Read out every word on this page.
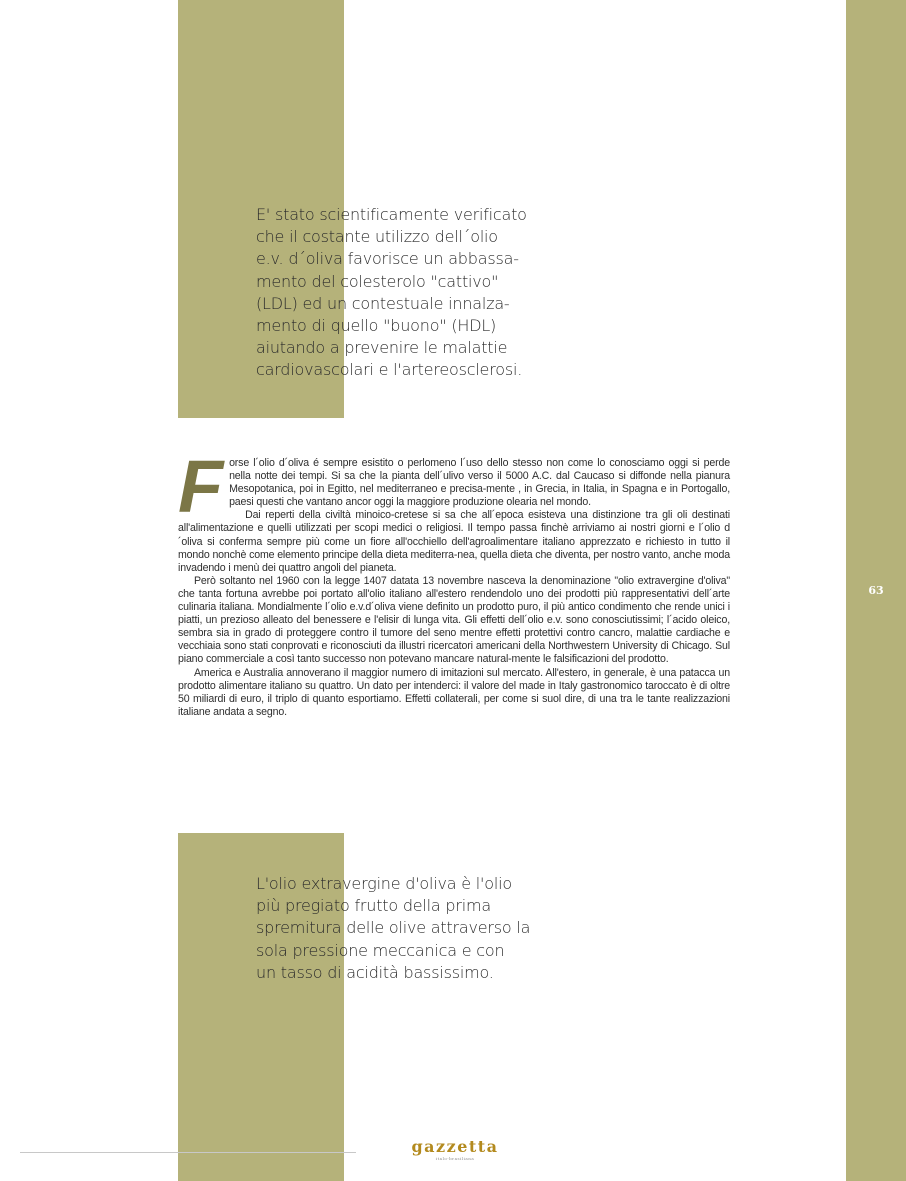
E' stato scientificamente verificato
che il costante utilizzo dell´olio
e.v. d´oliva favorisce un abbassa-
mento del colesterolo "cattivo"
(LDL) ed un contestuale innalza-
mento di quello "buono" (HDL)
aiutando a prevenire le malattie
cardiovascolari e l'artereosclerosi.

Forse l´olio d´oliva é sempre esistito o perlomeno l´uso dello stesso non come lo conosciamo oggi si perde nella notte dei tempi. Si sa che la pianta dell´ulivo verso il 5000 A.C. dal Caucaso si diffonde nella pianura Mesopotanica, poi in Egitto, nel mediterraneo e precisa-mente , in Grecia, in Italia, in Spagna e in Portogallo, paesi questi che vantano ancor oggi la maggiore produzione olearia nel mondo.

Dai reperti della civiltà minoico-cretese si sa che all´epoca esisteva una distinzione tra gli oli destinati all'alimentazione e quelli utilizzati per scopi medici o religiosi. Il tempo passa finchè arriviamo ai nostri giorni e l´olio d´oliva si conferma sempre più come un fiore all'occhiello dell'agroalimentare italiano apprezzato e richiesto in tutto il mondo nonchè come elemento principe della dieta mediterra-nea, quella dieta che diventa, per nostro vanto, anche moda invadendo i menù dei quattro angoli del pianeta.

Però soltanto nel 1960 con la legge 1407 datata 13 novembre nasceva la denominazione "olio extravergine d'oliva" che tanta fortuna avrebbe poi portato all'olio italiano all'estero rendendolo uno dei prodotti più rappresentativi dell´arte culinaria italiana. Mondialmente l´olio e.v.d´oliva viene definito un prodotto puro, il più antico condimento che rende unici i piatti, un prezioso alleato del benessere e l'elisir di lunga vita. Gli effetti dell´olio e.v. sono conosciutissimi; l´acido oleico, sembra sia in grado di proteggere contro il tumore del seno mentre effetti protettivi contro cancro, malattie cardiache e vecchiaia sono stati conprovati e riconosciuti da illustri ricercatori americani della Northwestern University di Chicago. Sul piano commerciale a così tanto successo non potevano mancare natural-mente le falsificazioni del prodotto.

America e Australia annoverano il maggior numero di imitazioni sul mercato. All'estero, in generale, è una patacca un prodotto alimentare italiano su quattro. Un dato per intenderci: il valore del made in Italy gastronomico taroccato è di oltre 50 miliardi di euro, il triplo di quanto esportiamo. Effetti collaterali, per come si suol dire, di una tra le tante realizzazioni italiane andata a segno.

L'olio extravergine d'oliva è l'olio
più pregiato frutto della prima
spremitura delle olive attraverso la
sola pressione meccanica e con
un tasso di acidità bassissimo.
63
gazzetta
italo-brasiliana
